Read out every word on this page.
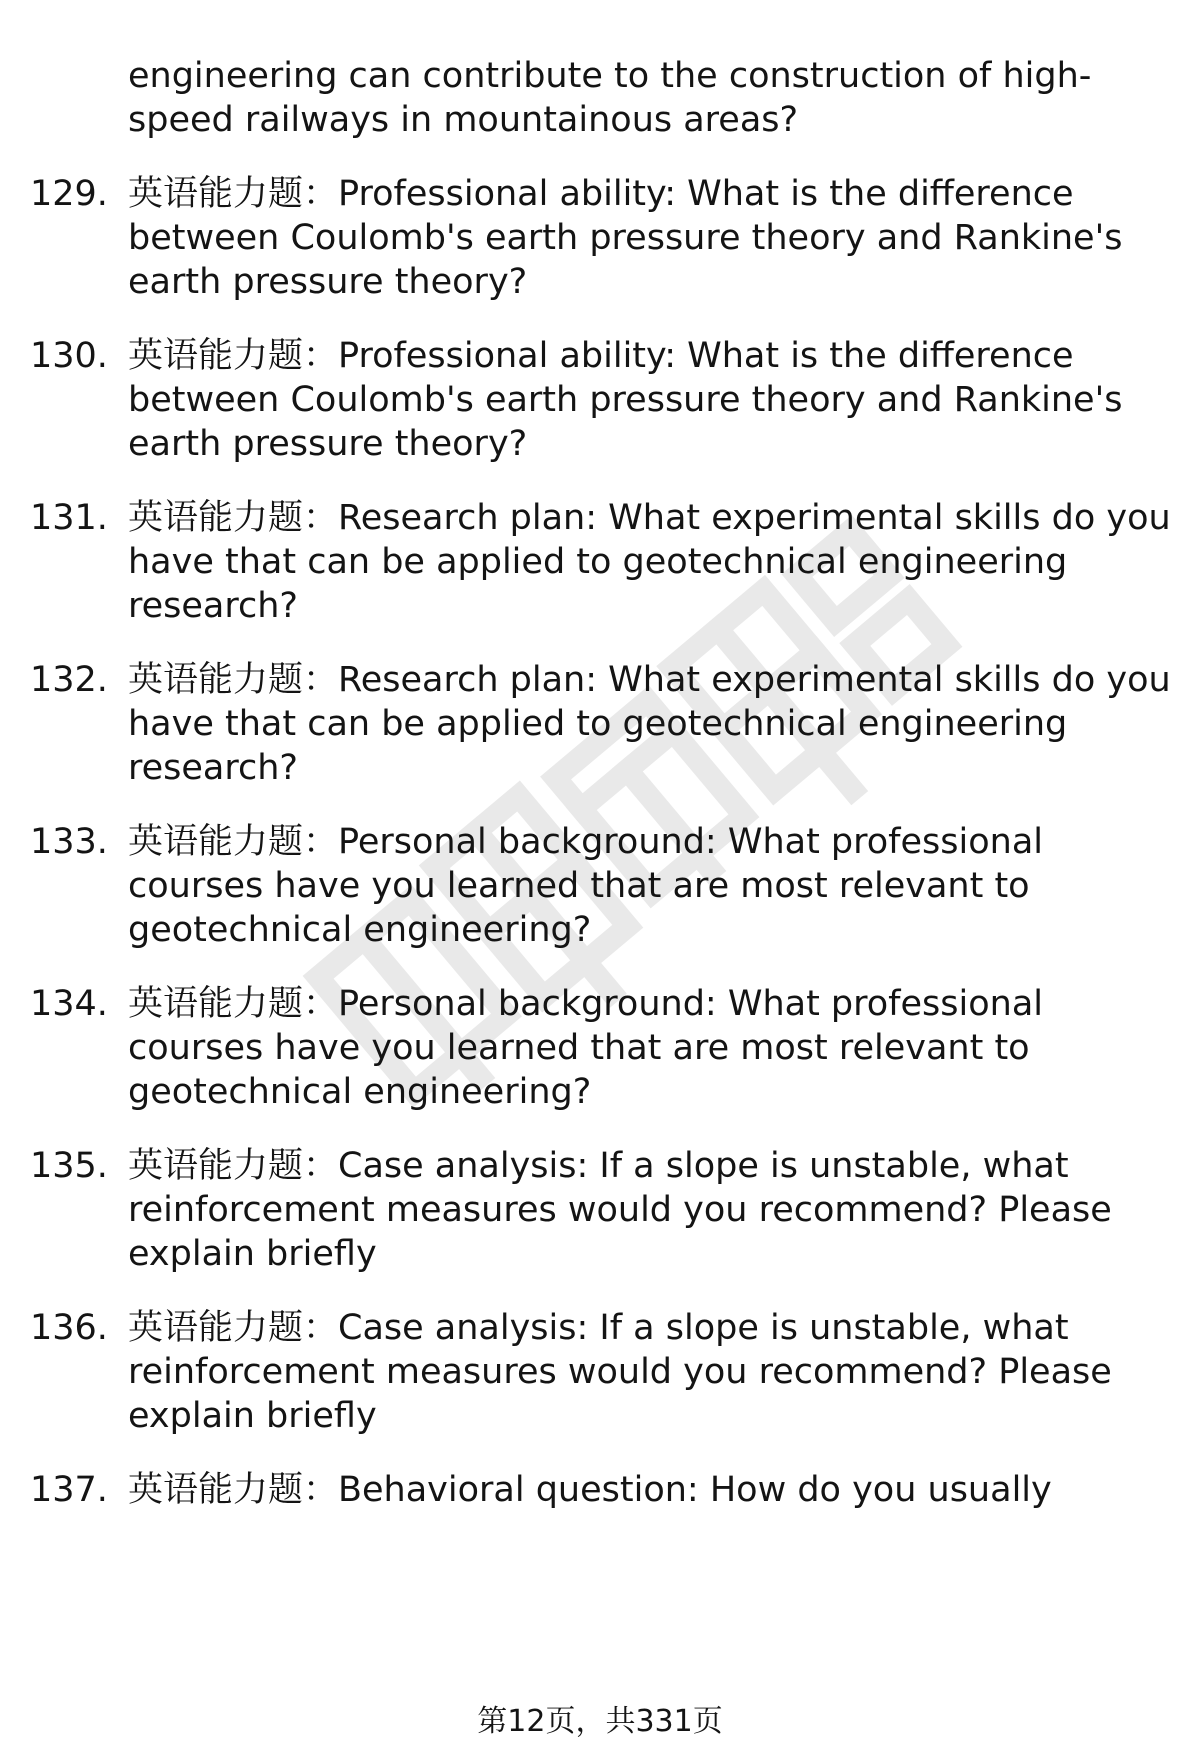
engineering can contribute to the construction of high-
speed railways in mountainous areas?
129. 英语能力题：Professional ability: What is the difference
between Coulomb's earth pressure theory and Rankine's
earth pressure theory?
130. 英语能力题：Professional ability: What is the difference
between Coulomb's earth pressure theory and Rankine's
earth pressure theory?
131. 英语能力题：Research plan: What experimental skills do you
have that can be applied to geotechnical engineering
research?
132. 英语能力题：Research plan: What experimental skills do you
have that can be applied to geotechnical engineering
research?
133. 英语能力题：Personal background: What professional
courses have you learned that are most relevant to
geotechnical engineering?
134. 英语能力题：Personal background: What professional
courses have you learned that are most relevant to
geotechnical engineering?
135. 英语能力题：Case analysis: If a slope is unstable, what
reinforcement measures would you recommend? Please
explain briefly
136. 英语能力题：Case analysis: If a slope is unstable, what
reinforcement measures would you recommend? Please
explain briefly
137. 英语能力题：Behavioral question: How do you usually
第12页，共331页
